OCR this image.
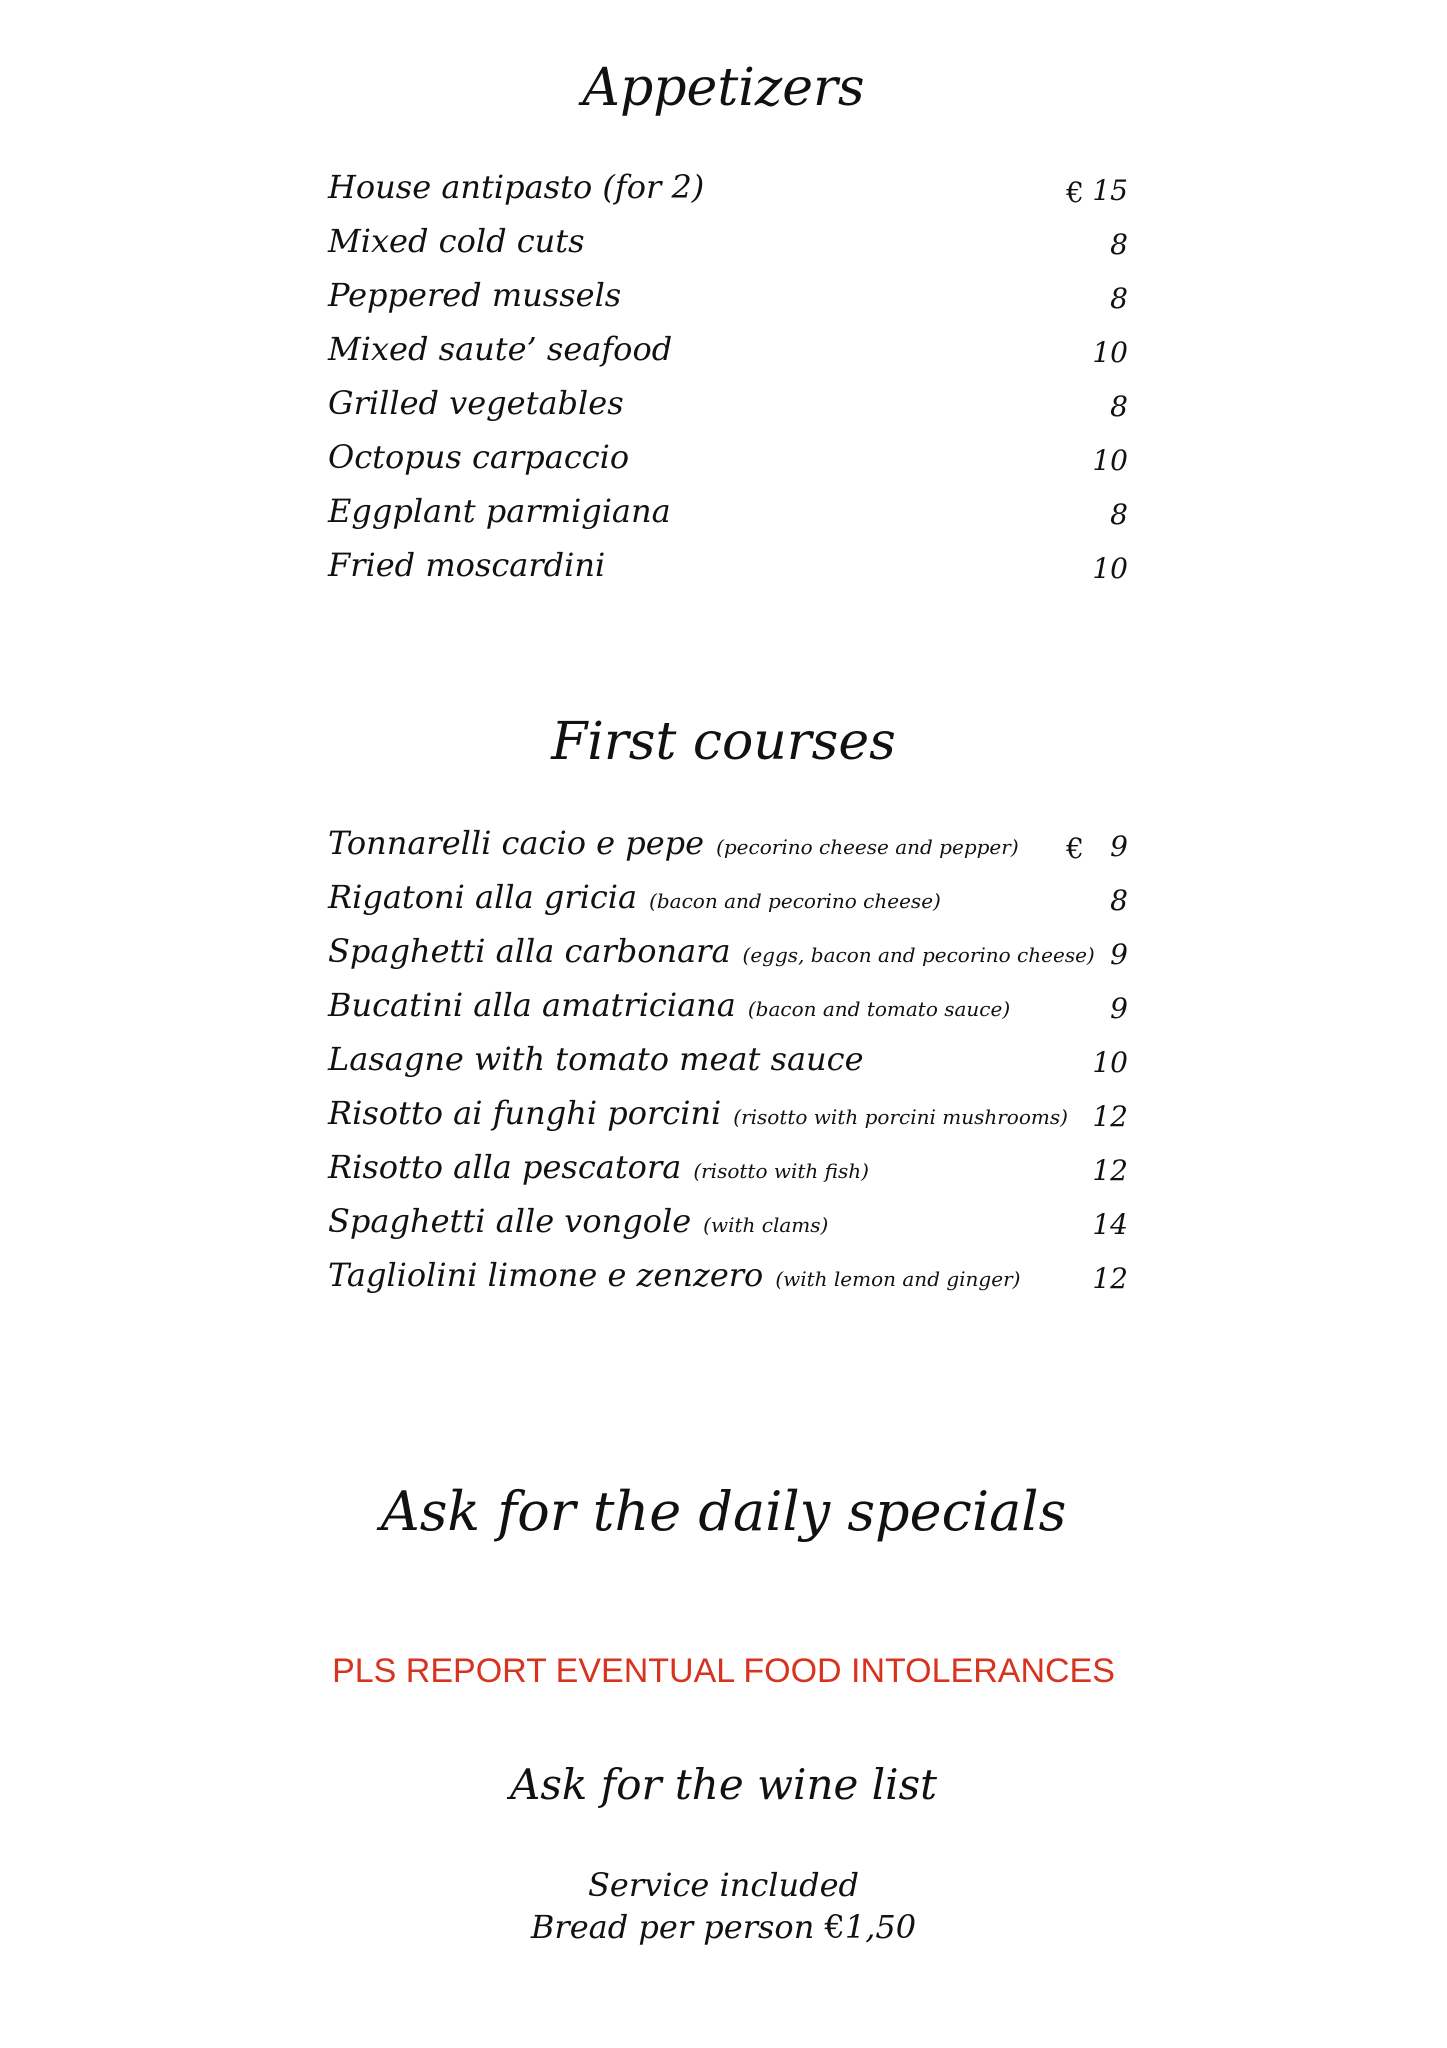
Appetizers
House antipasto (for 2)	€ 15
Mixed cold cuts	8
Peppered mussels	8
Mixed saute’ seafood	10
Grilled vegetables	8
Octopus carpaccio	10
Eggplant parmigiana	8
Fried moscardini	10
First courses
Tonnarelli cacio e pepe (pecorino cheese and pepper) € 9
Rigatoni alla gricia (bacon and pecorino cheese)	8
Spaghetti alla carbonara (eggs, bacon and pecorino cheese) 9
Bucatini alla amatriciana (bacon and tomato sauce)	9
Lasagne with tomato meat sauce	10
Risotto ai funghi porcini (risotto with porcini mushrooms) 12
Risotto alla pescatora (risotto with fish)	12
Spaghetti alle vongole (with clams)	14
Tagliolini limone e zenzero (with lemon and ginger)	12
Ask for the daily specials

PLS REPORT EVENTUAL FOOD INTOLERANCES

Ask for the wine list

Service included

Bread per person €1,50
